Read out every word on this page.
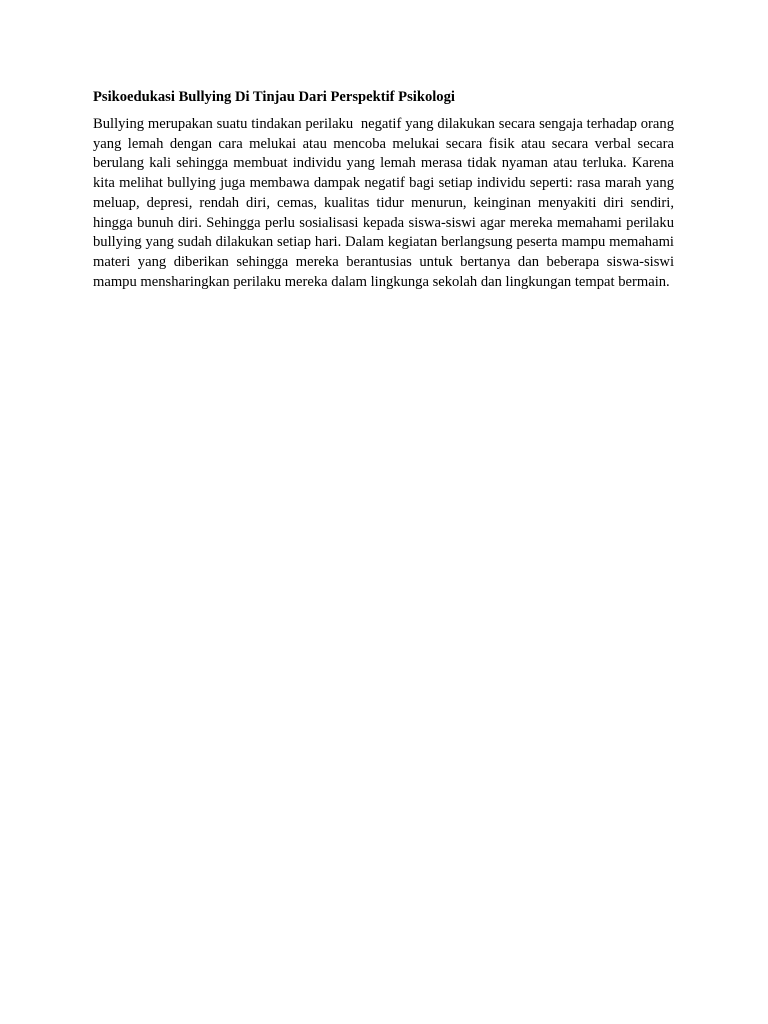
Psikoedukasi Bullying Di Tinjau Dari Perspektif Psikologi

Bullying merupakan suatu tindakan perilaku  negatif yang dilakukan secara sengaja terhadap orang yang lemah dengan cara melukai atau mencoba melukai secara fisik atau secara verbal secara berulang kali sehingga membuat individu yang lemah merasa tidak nyaman atau terluka. Karena kita melihat bullying juga membawa dampak negatif bagi setiap individu seperti: rasa marah yang meluap, depresi, rendah diri, cemas, kualitas tidur menurun, keinginan menyakiti diri sendiri, hingga bunuh diri. Sehingga perlu sosialisasi kepada siswa-siswi agar mereka memahami perilaku bullying yang sudah dilakukan setiap hari. Dalam kegiatan berlangsung peserta mampu memahami materi yang diberikan sehingga mereka berantusias untuk bertanya dan beberapa siswa-siswi mampu mensharingkan perilaku mereka dalam lingkunga sekolah dan lingkungan tempat bermain.
